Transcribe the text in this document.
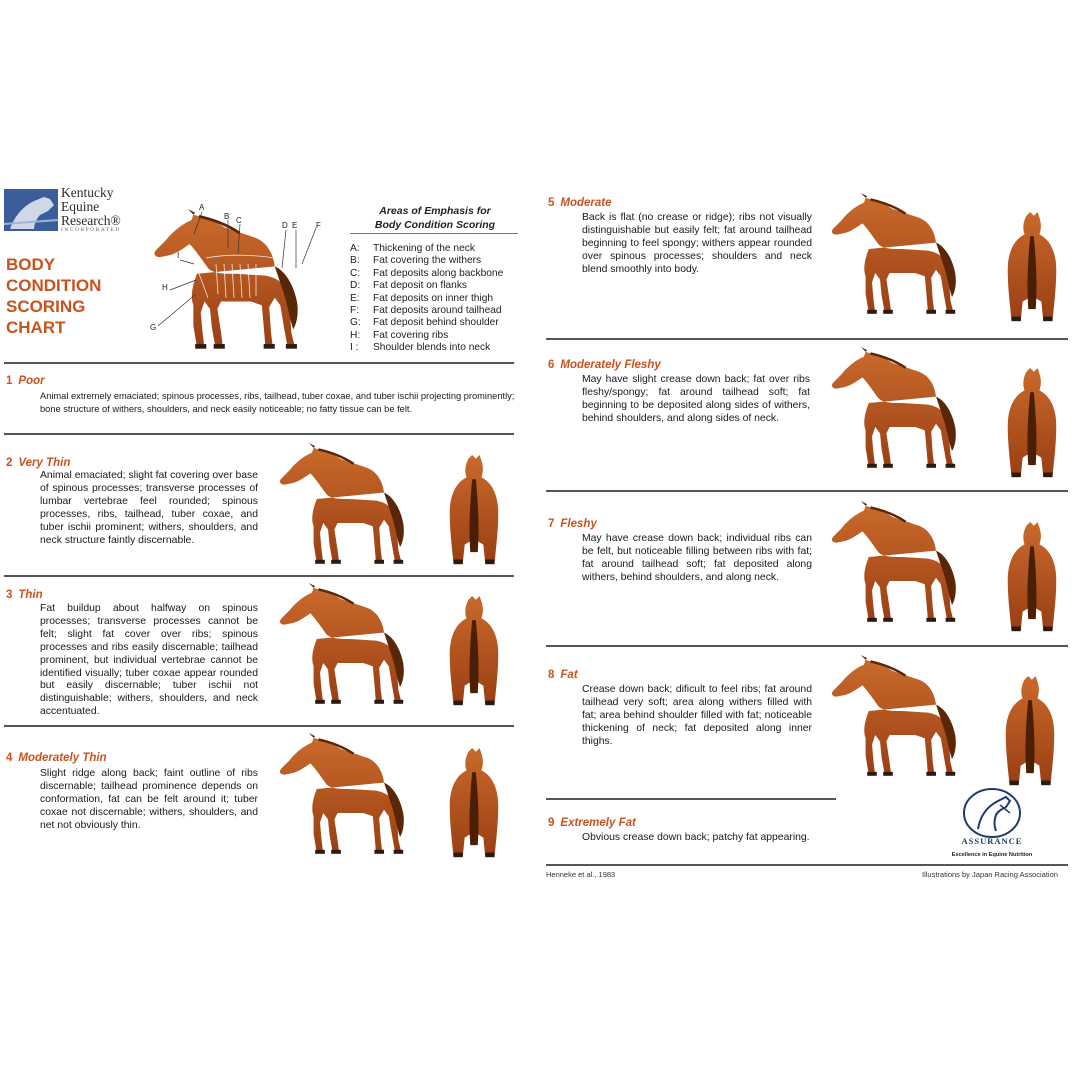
Kentucky
Equine
Research®
INCORPORATED
BODY
CONDITION
SCORING
CHART
A
B C
D E F
G
H
I
Areas of Emphasis for
Body Condition Scoring
A:	Thickening of the neck
B:	Fat covering the withers
C:	Fat deposits along backbone
D:	Fat deposit on flanks
E:	Fat deposits on inner thigh
F:	Fat deposits around tailhead
G:	Fat deposit behind shoulder
H:	Fat covering ribs
I :	Shoulder blends into neck
1 Poor
Animal extremely emaciated; spinous processes, ribs, tailhead, tuber coxae, and tuber ischii projecting prominently; bone structure of withers, shoulders, and neck easily noticeable; no fatty tissue can be felt.
2 Very Thin
Animal emaciated; slight fat covering over base of spinous processes; transverse processes of lumbar vertebrae feel rounded; spinous processes, ribs, tailhead, tuber coxae, and tuber ischii prominent; withers, shoulders, and neck structure faintly discernable.
3 Thin
Fat buildup about halfway on spinous processes; transverse processes cannot be felt; slight fat cover over ribs; spinous processes and ribs easily discernable; tailhead prominent, but individual vertebrae cannot be identified visually; tuber coxae appear rounded but easily discernable; tuber ischii not distinguishable; withers, shoulders, and neck accentuated.
4 Moderately Thin
Slight ridge along back; faint outline of ribs discernable; tailhead prominence depends on conformation, fat can be felt around it; tuber coxae not discernable; withers, shoulders, and net not obviously thin.
5 Moderate
Back is flat (no crease or ridge); ribs not visually distinguishable but easily felt; fat around tailhead beginning to feel spongy; withers appear rounded over spinous processes; shoulders and neck blend smoothly into body.
6 Moderately Fleshy
May have slight crease down back; fat over ribs fleshy/spongy; fat around tailhead soft; fat beginning to be deposited along sides of withers, behind shoulders, and along sides of neck.
7 Fleshy
May have crease down back; individual ribs can be felt, but noticeable filling between ribs with fat; fat around tailhead soft; fat deposited along withers, behind shoulders, and along neck.
8 Fat
Crease down back; dificult to feel ribs; fat around tailhead very soft; area along withers filled with fat; area behind shoulder filled with fat; noticeable thickening of neck; fat deposited along inner thighs.
9 Extremely Fat
Obvious crease down back; patchy fat appearing.	ASSURANCE
Excellence in Equine Nutrition
Henneke et al., 1983	Illustrations by Japan Racing Association
